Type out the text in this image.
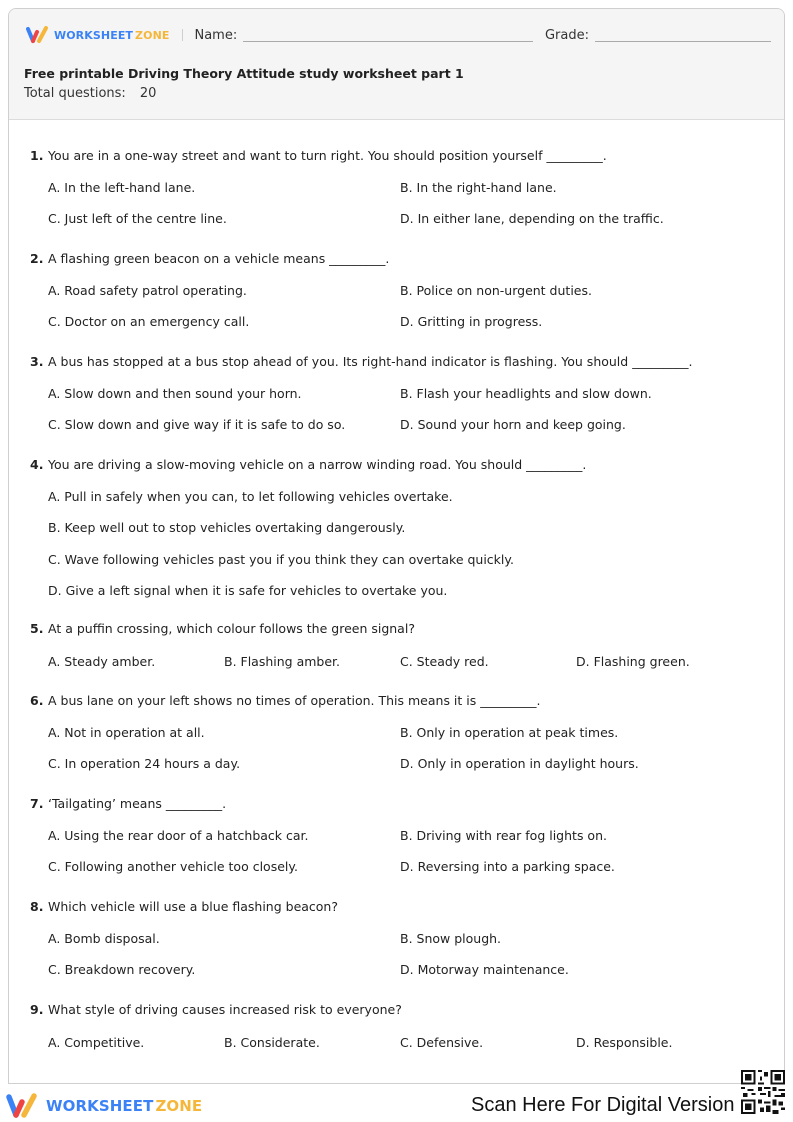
WORKSHEET ZONE Name:	Grade:
Free printable Driving Theory Attitude study worksheet part 1
Total questions: 20
1. You are in a one-way street and want to turn right. You should position yourself _________.
A. In the left-hand lane.	B. In the right-hand lane.
C. Just left of the centre line.	D. In either lane, depending on the traffic.
2. A flashing green beacon on a vehicle means _________.
A. Road safety patrol operating.	B. Police on non-urgent duties.
C. Doctor on an emergency call.	D. Gritting in progress.
3. A bus has stopped at a bus stop ahead of you. Its right-hand indicator is flashing. You should _________.
A. Slow down and then sound your horn.	B. Flash your headlights and slow down.
C. Slow down and give way if it is safe to do so.	D. Sound your horn and keep going.
4. You are driving a slow-moving vehicle on a narrow winding road. You should _________.
A. Pull in safely when you can, to let following vehicles overtake.
B. Keep well out to stop vehicles overtaking dangerously.
C. Wave following vehicles past you if you think they can overtake quickly.
D. Give a left signal when it is safe for vehicles to overtake you.
5. At a puffin crossing, which colour follows the green signal?
A. Steady amber.	B. Flashing amber.	C. Steady red.	D. Flashing green.
6. A bus lane on your left shows no times of operation. This means it is _________.
A. Not in operation at all.	B. Only in operation at peak times.
C. In operation 24 hours a day.	D. Only in operation in daylight hours.
7. ‘Tailgating’ means _________.
A. Using the rear door of a hatchback car.	B. Driving with rear fog lights on.
C. Following another vehicle too closely.	D. Reversing into a parking space.
8. Which vehicle will use a blue flashing beacon?
A. Bomb disposal.	B. Snow plough.
C. Breakdown recovery.	D. Motorway maintenance.
9. What style of driving causes increased risk to everyone?
A. Competitive.	B. Considerate.	C. Defensive.	D. Responsible.
WORKSHEET ZONE	Scan Here For Digital Version
